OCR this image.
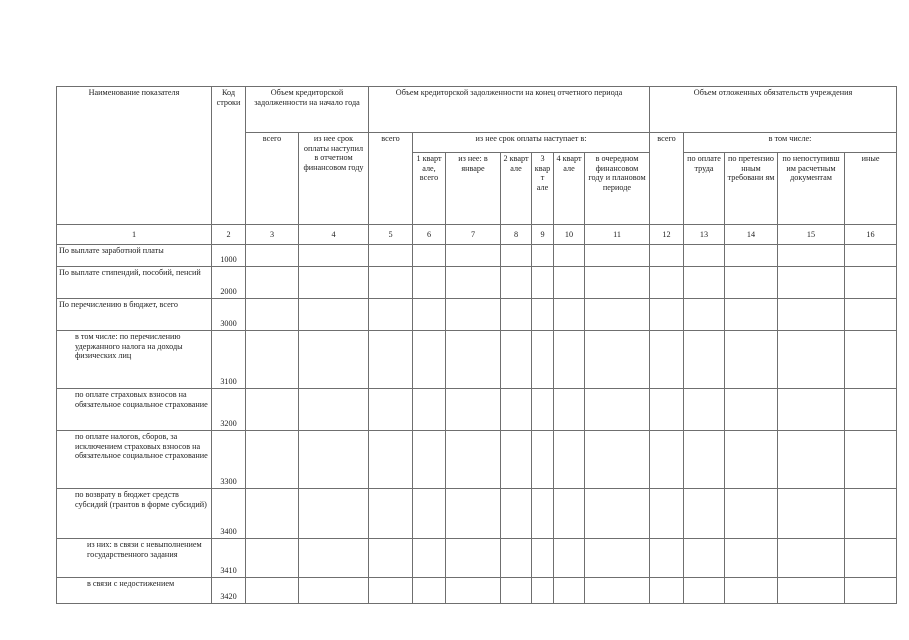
Наименование показателя	Код строки	Объем кредиторской задолженности на начало года		Объем кредиторской задолженности на конец отчетного периода							Объем отложенных обязательств учреждения				
		всего	из нее срок оплаты наступил в отчетном финансовом году	всего	из нее срок оплаты наступает в:						всего	в том числе:			
					1 кварт але, всего	из нее: в январе	2 кварт але	3 кварт але	4 кварт але	в очередном финансовом году и плановом периоде		по оплате труда	по претензио нным требовани ям	по непоступивш им расчетным документам	иные
1	2	3	4	5	6	7	8	9	10	11	12	13	14	15	16
По выплате заработной платы	1000														
По выплате стипендий, пособий, пенсий	2000														
По перечислению в бюджет, всего	3000														
в том числе: по перечислению удержанного налога на доходы физических лиц	3100														
по оплате страховых взносов на обязательное социальное страхование	3200														
по оплате налогов, сборов, за исключением страховых взносов на обязательное социальное страхование	3300														
по возврату в бюджет средств субсидий (грантов в форме субсидий)	3400														
из них: в связи с невыполнением государственного задания	3410														
в связи с недостижением	3420														
